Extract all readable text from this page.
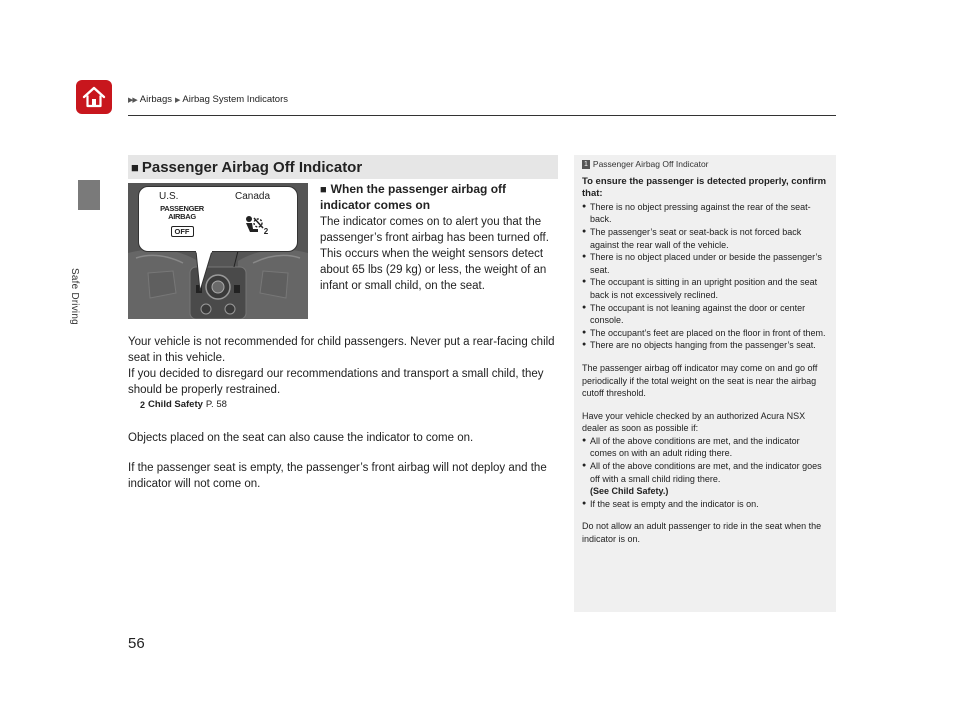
▶▶ Airbags ▶ Airbag System Indicators
Safe Driving
■ Passenger Airbag Off Indicator
U.S.	Canada
PASSENGER
AIRBAG
OFF	2
■ When the passenger airbag off indicator comes on
The indicator comes on to alert you that the passenger’s front airbag has been turned off. This occurs when the weight sensors detect about 65 lbs (29 kg) or less, the weight of an infant or small child, on the seat.

Your vehicle is not recommended for child passengers. Never put a rear-facing child seat in this vehicle.

If you decided to disregard our recommendations and transport a small child, they should be properly restrained.

2 Child Safety P. 58

Objects placed on the seat can also cause the indicator to come on.

If the passenger seat is empty, the passenger’s front airbag will not deploy and the indicator will not come on.

1 Passenger Airbag Off Indicator

To ensure the passenger is detected properly, confirm that:

● There is no object pressing against the rear of the seat-back.
● The passenger’s seat or seat-back is not forced back against the rear wall of the vehicle.
● There is no object placed under or beside the passenger’s seat.
● The occupant is sitting in an upright position and the seat back is not excessively reclined.
● The occupant is not leaning against the door or center console.
● The occupant’s feet are placed on the floor in front of them.
● There are no objects hanging from the passenger’s seat.

The passenger airbag off indicator may come on and go off periodically if the total weight on the seat is near the airbag cutoff threshold.

Have your vehicle checked by an authorized Acura NSX dealer as soon as possible if:

● All of the above conditions are met, and the indicator comes on with an adult riding there.
● All of the above conditions are met, and the indicator goes off with a small child riding there.
(See Child Safety.)
● If the seat is empty and the indicator is on.

Do not allow an adult passenger to ride in the seat when the indicator is on.

56
